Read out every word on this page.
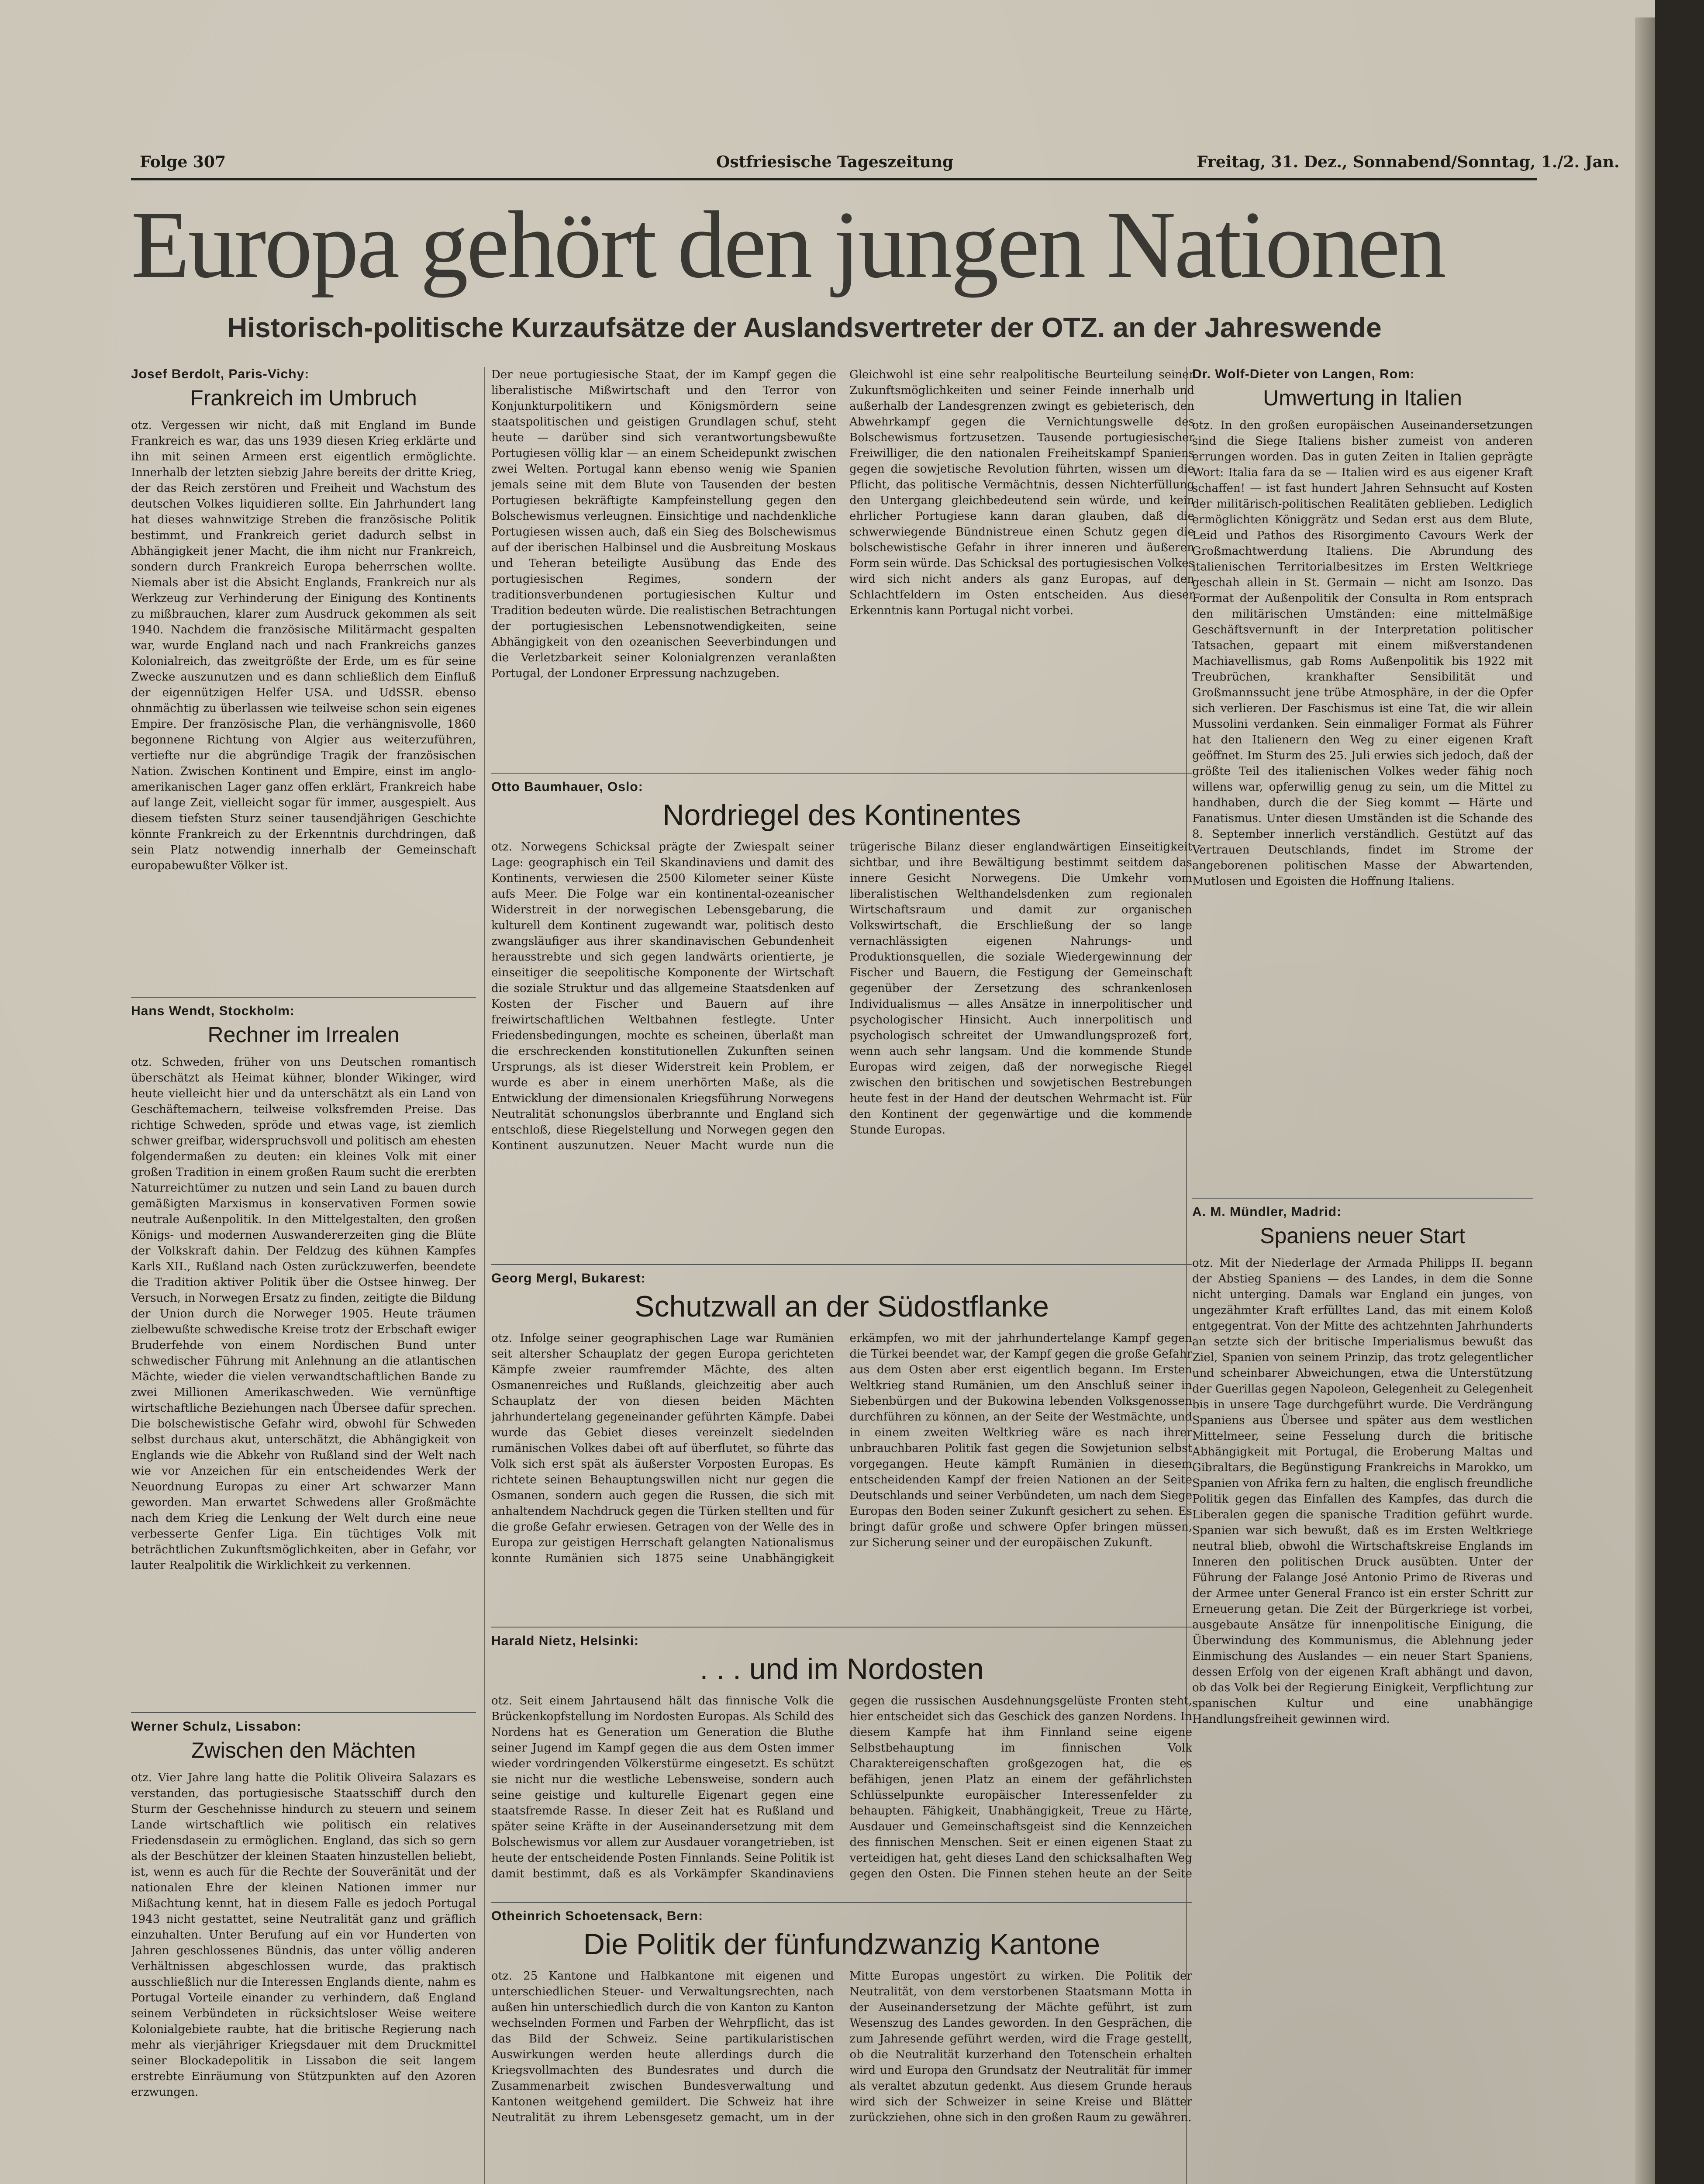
Folge 307	Ostfriesische Tageszeitung	Freitag, 31. Dez., Sonnabend/Sonntag, 1./2. Jan.
Europa gehört den jungen Nationen
Historisch-politische Kurzaufsätze der Auslandsvertreter der OTZ. an der Jahreswende

Josef Berdolt, Paris-Vichy:

Frankreich im Umbruch

otz. Vergessen wir nicht, daß mit England im Bunde Frankreich es war, das uns 1939 diesen Krieg erklärte und ihn mit seinen Armeen erst eigentlich ermöglichte. Innerhalb der letzten siebzig Jahre bereits der dritte Krieg, der das Reich zerstören und Freiheit und Wachstum des deutschen Volkes liquidieren sollte. Ein Jahrhundert lang hat dieses wahnwitzige Streben die französische Politik bestimmt, und Frankreich geriet dadurch selbst in Abhängigkeit jener Macht, die ihm nicht nur Frankreich, sondern durch Frankreich Europa beherrschen wollte. Niemals aber ist die Absicht Englands, Frankreich nur als Werkzeug zur Verhinderung der Einigung des Kontinents zu mißbrauchen, klarer zum Ausdruck gekommen als seit 1940. Nachdem die französische Militärmacht gespalten war, wurde England nach und nach Frankreichs ganzes Kolonialreich, das zweitgrößte der Erde, um es für seine Zwecke auszunutzen und es dann schließlich dem Einfluß der eigennützigen Helfer USA. und UdSSR. ebenso ohnmächtig zu überlassen wie teilweise schon sein eigenes Empire. Der französische Plan, die verhängnisvolle, 1860 begonnene Richtung von Algier aus weiterzuführen, vertiefte nur die abgründige Tragik der französischen Nation. Zwischen Kontinent und Empire, einst im anglo-amerikanischen Lager ganz offen erklärt, Frankreich habe auf lange Zeit, vielleicht sogar für immer, ausgespielt. Aus diesem tiefsten Sturz seiner tausendjährigen Geschichte könnte Frankreich zu der Erkenntnis durchdringen, daß sein Platz notwendig innerhalb der Gemeinschaft europabewußter Völker ist.

Hans Wendt, Stockholm:

Rechner im Irrealen

otz. Schweden, früher von uns Deutschen romantisch überschätzt als Heimat kühner, blonder Wikinger, wird heute vielleicht hier und da unterschätzt als ein Land von Geschäftemachern, teilweise volksfremden Preise. Das richtige Schweden, spröde und etwas vage, ist ziemlich schwer greifbar, widerspruchsvoll und politisch am ehesten folgendermaßen zu deuten: ein kleines Volk mit einer großen Tradition in einem großen Raum sucht die ererbten Naturreichtümer zu nutzen und sein Land zu bauen durch gemäßigten Marxismus in konservativen Formen sowie neutrale Außenpolitik. In den Mittelgestalten, den großen Königs- und modernen Auswandererzeiten ging die Blüte der Volkskraft dahin. Der Feldzug des kühnen Kampfes Karls XII., Rußland nach Osten zurückzuwerfen, beendete die Tradition aktiver Politik über die Ostsee hinweg. Der Versuch, in Norwegen Ersatz zu finden, zeitigte die Bildung der Union durch die Norweger 1905. Heute träumen zielbewußte schwedische Kreise trotz der Erbschaft ewiger Bruderfehde von einem Nordischen Bund unter schwedischer Führung mit Anlehnung an die atlantischen Mächte, wieder die vielen verwandtschaftlichen Bande zu zwei Millionen Amerikaschweden. Wie vernünftige wirtschaftliche Beziehungen nach Übersee dafür sprechen. Die bolschewistische Gefahr wird, obwohl für Schweden selbst durchaus akut, unterschätzt, die Abhängigkeit von Englands wie die Abkehr von Rußland sind der Welt nach wie vor Anzeichen für ein entscheidendes Werk der Neuordnung Europas zu einer Art schwarzer Mann geworden. Man erwartet Schwedens aller Großmächte nach dem Krieg die Lenkung der Welt durch eine neue verbesserte Genfer Liga. Ein tüchtiges Volk mit beträchtlichen Zukunftsmöglichkeiten, aber in Gefahr, vor lauter Realpolitik die Wirklichkeit zu verkennen.

Werner Schulz, Lissabon:

Zwischen den Mächten

otz. Vier Jahre lang hatte die Politik Oliveira Salazars es verstanden, das portugiesische Staatsschiff durch den Sturm der Geschehnisse hindurch zu steuern und seinem Lande wirtschaftlich wie politisch ein relatives Friedensdasein zu ermöglichen. England, das sich so gern als der Beschützer der kleinen Staaten hinzustellen beliebt, ist, wenn es auch für die Rechte der Souveränität und der nationalen Ehre der kleinen Nationen immer nur Mißachtung kennt, hat in diesem Falle es jedoch Portugal 1943 nicht gestattet, seine Neutralität ganz und gräflich einzuhalten. Unter Berufung auf ein vor Hunderten von Jahren geschlossenes Bündnis, das unter völlig anderen Verhältnissen abgeschlossen wurde, das praktisch ausschließlich nur die Interessen Englands diente, nahm es Portugal Vorteile einander zu verhindern, daß England seinem Verbündeten in rücksichtsloser Weise weitere Kolonialgebiete raubte, hat die britische Regierung nach mehr als vierjähriger Kriegsdauer mit dem Druckmittel seiner Blockadepolitik in Lissabon die seit langem erstrebte Einräumung von Stützpunkten auf den Azoren erzwungen.

Der neue portugiesische Staat, der im Kampf gegen die liberalistische Mißwirtschaft und den Terror von Konjunkturpolitikern und Königsmördern seine staatspolitischen und geistigen Grundlagen schuf, steht heute — darüber sind sich verantwortungsbewußte Portugiesen völlig klar — an einem Scheidepunkt zwischen zwei Welten. Portugal kann ebenso wenig wie Spanien jemals seine mit dem Blute von Tausenden der besten Portugiesen bekräftigte Kampfeinstellung gegen den Bolschewismus verleugnen. Einsichtige und nachdenkliche Portugiesen wissen auch, daß ein Sieg des Bolschewismus auf der iberischen Halbinsel und die Ausbreitung Moskaus und Teheran beteiligte Ausübung das Ende des portugiesischen Regimes, sondern der traditionsverbundenen portugiesischen Kultur und Tradition bedeuten würde. Die realistischen Betrachtungen der portugiesischen Lebensnotwendigkeiten, seine Abhängigkeit von den ozeanischen Seeverbindungen und die Verletzbarkeit seiner Kolonialgrenzen veranlaßten Portugal, der Londoner Erpressung nachzugeben.

Gleichwohl ist eine sehr realpolitische Beurteilung seiner Zukunftsmöglichkeiten und seiner Feinde innerhalb und außerhalb der Landesgrenzen zwingt es gebieterisch, den Abwehrkampf gegen die Vernichtungswelle des Bolschewismus fortzusetzen. Tausende portugiesischer Freiwilliger, die den nationalen Freiheitskampf Spaniens gegen die sowjetische Revolution führten, wissen um die Pflicht, das politische Vermächtnis, dessen Nichterfüllung den Untergang gleichbedeutend sein würde, und kein ehrlicher Portugiese kann daran glauben, daß die schwerwiegende Bündnistreue einen Schutz gegen die bolschewistische Gefahr in ihrer inneren und äußeren Form sein würde. Das Schicksal des portugiesischen Volkes wird sich nicht anders als ganz Europas, auf den Schlachtfeldern im Osten entscheiden. Aus dieser Erkenntnis kann Portugal nicht vorbei.

Otto Baumhauer, Oslo:

Nordriegel des Kontinentes

otz. Norwegens Schicksal prägte der Zwiespalt seiner Lage: geographisch ein Teil Skandinaviens und damit des Kontinents, verwiesen die 2500 Kilometer seiner Küste aufs Meer. Die Folge war ein kontinental-ozeanischer Widerstreit in der norwegischen Lebensgebarung, die kulturell dem Kontinent zugewandt war, politisch desto zwangsläufiger aus ihrer skandinavischen Gebundenheit herausstrebte und sich gegen landwärts orientierte, je einseitiger die seepolitische Komponente der Wirtschaft die soziale Struktur und das allgemeine Staatsdenken auf Kosten der Fischer und Bauern auf ihre freiwirtschaftlichen Weltbahnen festlegte. Unter Friedensbedingungen, mochte es scheinen, überlaßt man die erschreckenden konstitutionellen Zukunften seinen Ursprungs, als ist dieser Widerstreit kein Problem, er wurde es aber in einem unerhörten Maße, als die Entwicklung der dimensionalen Kriegsführung Norwegens Neutralität schonungslos überbrannte und England sich entschloß, diese Riegelstellung und Norwegen gegen den Kontinent auszunutzen. Neuer Macht wurde nun die trügerische Bilanz dieser englandwärtigen Einseitigkeit sichtbar, und ihre Bewältigung bestimmt seitdem das innere Gesicht Norwegens. Die Umkehr vom liberalistischen Welthandelsdenken zum regionalen Wirtschaftsraum und damit zur organischen Volkswirtschaft, die Erschließung der so lange vernachlässigten eigenen Nahrungs- und Produktionsquellen, die soziale Wiedergewinnung der Fischer und Bauern, die Festigung der Gemeinschaft gegenüber der Zersetzung des schrankenlosen Individualismus — alles Ansätze in innerpolitischer und psychologischer Hinsicht. Auch innerpolitisch und psychologisch schreitet der Umwandlungsprozeß fort, wenn auch sehr langsam. Und die kommende Stunde Europas wird zeigen, daß der norwegische Riegel zwischen den britischen und sowjetischen Bestrebungen heute fest in der Hand der deutschen Wehrmacht ist. Für den Kontinent der gegenwärtige und die kommende Stunde Europas.

Georg Mergl, Bukarest:

Schutzwall an der Südostflanke

otz. Infolge seiner geographischen Lage war Rumänien seit altersher Schauplatz der gegen Europa gerichteten Kämpfe zweier raumfremder Mächte, des alten Osmanenreiches und Rußlands, gleichzeitig aber auch Schauplatz der von diesen beiden Mächten jahrhundertelang gegeneinander geführten Kämpfe. Dabei wurde das Gebiet dieses vereinzelt siedelnden rumänischen Volkes dabei oft auf überflutet, so führte das Volk sich erst spät als äußerster Vorposten Europas. Es richtete seinen Behauptungswillen nicht nur gegen die Osmanen, sondern auch gegen die Russen, die sich mit anhaltendem Nachdruck gegen die Türken stellten und für die große Gefahr erwiesen. Getragen von der Welle des in Europa zur geistigen Herrschaft gelangten Nationalismus konnte Rumänien sich 1875 seine Unabhängigkeit erkämpfen, wo mit der jahrhundertelange Kampf gegen die Türkei beendet war, der Kampf gegen die große Gefahr aus dem Osten aber erst eigentlich begann. Im Ersten Weltkrieg stand Rumänien, um den Anschluß seiner in Siebenbürgen und der Bukowina lebenden Volksgenossen durchführen zu können, an der Seite der Westmächte, und in einem zweiten Weltkrieg wäre es nach ihrer unbrauchbaren Politik fast gegen die Sowjetunion selbst vorgegangen. Heute kämpft Rumänien in diesem entscheidenden Kampf der freien Nationen an der Seite Deutschlands und seiner Verbündeten, um nach dem Siege Europas den Boden seiner Zukunft gesichert zu sehen. Es bringt dafür große und schwere Opfer bringen müssen, zur Sicherung seiner und der europäischen Zukunft.

Harald Nietz, Helsinki:

. . . und im Nordosten

otz. Seit einem Jahrtausend hält das finnische Volk die Brückenkopfstellung im Nordosten Europas. Als Schild des Nordens hat es Generation um Generation die Bluthe seiner Jugend im Kampf gegen die aus dem Osten immer wieder vordringenden Völkerstürme eingesetzt. Es schützt sie nicht nur die westliche Lebensweise, sondern auch seine geistige und kulturelle Eigenart gegen eine staatsfremde Rasse. In dieser Zeit hat es Rußland und später seine Kräfte in der Auseinandersetzung mit dem Bolschewismus vor allem zur Ausdauer vorangetrieben, ist heute der entscheidende Posten Finnlands. Seine Politik ist damit bestimmt, daß es als Vorkämpfer Skandinaviens gegen die russischen Ausdehnungsgelüste Fronten steht, hier entscheidet sich das Geschick des ganzen Nordens. In diesem Kampfe hat ihm Finnland seine eigene Selbstbehauptung im finnischen Volk Charaktereigenschaften großgezogen hat, die es befähigen, jenen Platz an einem der gefährlichsten Schlüsselpunkte europäischer Interessenfelder zu behaupten. Fähigkeit, Unabhängigkeit, Treue zu Härte, Ausdauer und Gemeinschaftsgeist sind die Kennzeichen des finnischen Menschen. Seit er einen eigenen Staat zu verteidigen hat, geht dieses Land den schicksalhaften Weg gegen den Osten. Die Finnen stehen heute an der Seite

Otheinrich Schoetensack, Bern:

Die Politik der fünfundzwanzig Kantone

otz. 25 Kantone und Halbkantone mit eigenen und unterschiedlichen Steuer- und Verwaltungsrechten, nach außen hin unterschiedlich durch die von Kanton zu Kanton wechselnden Formen und Farben der Wehrpflicht, das ist das Bild der Schweiz. Seine partikularistischen Auswirkungen werden heute allerdings durch die Kriegsvollmachten des Bundesrates und durch die Zusammenarbeit zwischen Bundesverwaltung und Kantonen weitgehend gemildert. Die Schweiz hat ihre Neutralität zu ihrem Lebensgesetz gemacht, um in der Mitte Europas ungestört zu wirken. Die Politik der Neutralität, von dem verstorbenen Staatsmann Motta in der Auseinandersetzung der Mächte geführt, ist zum Wesenszug des Landes geworden. In den Gesprächen, die zum Jahresende geführt werden, wird die Frage gestellt, ob die Neutralität kurzerhand den Totenschein erhalten wird und Europa den Grundsatz der Neutralität für immer als veraltet abzutun gedenkt. Aus diesem Grunde heraus wird sich der Schweizer in seine Kreise und Blätter zurückziehen, ohne sich in den großen Raum zu gewähren.

Dr. Wolf-Dieter von Langen, Rom:

Umwertung in Italien

otz. In den großen europäischen Auseinandersetzungen sind die Siege Italiens bisher zumeist von anderen errungen worden. Das in guten Zeiten in Italien geprägte Wort: Italia fara da se — Italien wird es aus eigener Kraft schaffen! — ist fast hundert Jahren Sehnsucht auf Kosten der militärisch-politischen Realitäten geblieben. Lediglich ermöglichten Königgrätz und Sedan erst aus dem Blute, Leid und Pathos des Risorgimento Cavours Werk der Großmachtwerdung Italiens. Die Abrundung des italienischen Territorialbesitzes im Ersten Weltkriege geschah allein in St. Germain — nicht am Isonzo. Das Format der Außenpolitik der Consulta in Rom entsprach den militärischen Umständen: eine mittelmäßige Geschäftsvernunft in der Interpretation politischer Tatsachen, gepaart mit einem mißverstandenen Machiavellismus, gab Roms Außenpolitik bis 1922 mit Treubrüchen, krankhafter Sensibilität und Großmannssucht jene trübe Atmosphäre, in der die Opfer sich verlieren. Der Faschismus ist eine Tat, die wir allein Mussolini verdanken. Sein einmaliger Format als Führer hat den Italienern den Weg zu einer eigenen Kraft geöffnet. Im Sturm des 25. Juli erwies sich jedoch, daß der größte Teil des italienischen Volkes weder fähig noch willens war, opferwillig genug zu sein, um die Mittel zu handhaben, durch die der Sieg kommt — Härte und Fanatismus. Unter diesen Umständen ist die Schande des 8. September innerlich verständlich. Gestützt auf das Vertrauen Deutschlands, findet im Strome der angeborenen politischen Masse der Abwartenden, Mutlosen und Egoisten die Hoffnung Italiens.

A. M. Mündler, Madrid:

Spaniens neuer Start

otz. Mit der Niederlage der Armada Philipps II. begann der Abstieg Spaniens — des Landes, in dem die Sonne nicht unterging. Damals war England ein junges, von ungezähmter Kraft erfülltes Land, das mit einem Koloß entgegentrat. Von der Mitte des achtzehnten Jahrhunderts an setzte sich der britische Imperialismus bewußt das Ziel, Spanien von seinem Prinzip, das trotz gelegentlicher und scheinbarer Abweichungen, etwa die Unterstützung der Guerillas gegen Napoleon, Gelegenheit zu Gelegenheit bis in unsere Tage durchgeführt wurde. Die Verdrängung Spaniens aus Übersee und später aus dem westlichen Mittelmeer, seine Fesselung durch die britische Abhängigkeit mit Portugal, die Eroberung Maltas und Gibraltars, die Begünstigung Frankreichs in Marokko, um Spanien von Afrika fern zu halten, die englisch freundliche Politik gegen das Einfallen des Kampfes, das durch die Liberalen gegen die spanische Tradition geführt wurde. Spanien war sich bewußt, daß es im Ersten Weltkriege neutral blieb, obwohl die Wirtschaftskreise Englands im Inneren den politischen Druck ausübten. Unter der Führung der Falange José Antonio Primo de Riveras und der Armee unter General Franco ist ein erster Schritt zur Erneuerung getan. Die Zeit der Bürgerkriege ist vorbei, ausgebaute Ansätze für innenpolitische Einigung, die Überwindung des Kommunismus, die Ablehnung jeder Einmischung des Auslandes — ein neuer Start Spaniens, dessen Erfolg von der eigenen Kraft abhängt und davon, ob das Volk bei der Regierung Einigkeit, Verpflichtung zur spanischen Kultur und eine unabhängige Handlungsfreiheit gewinnen wird.
